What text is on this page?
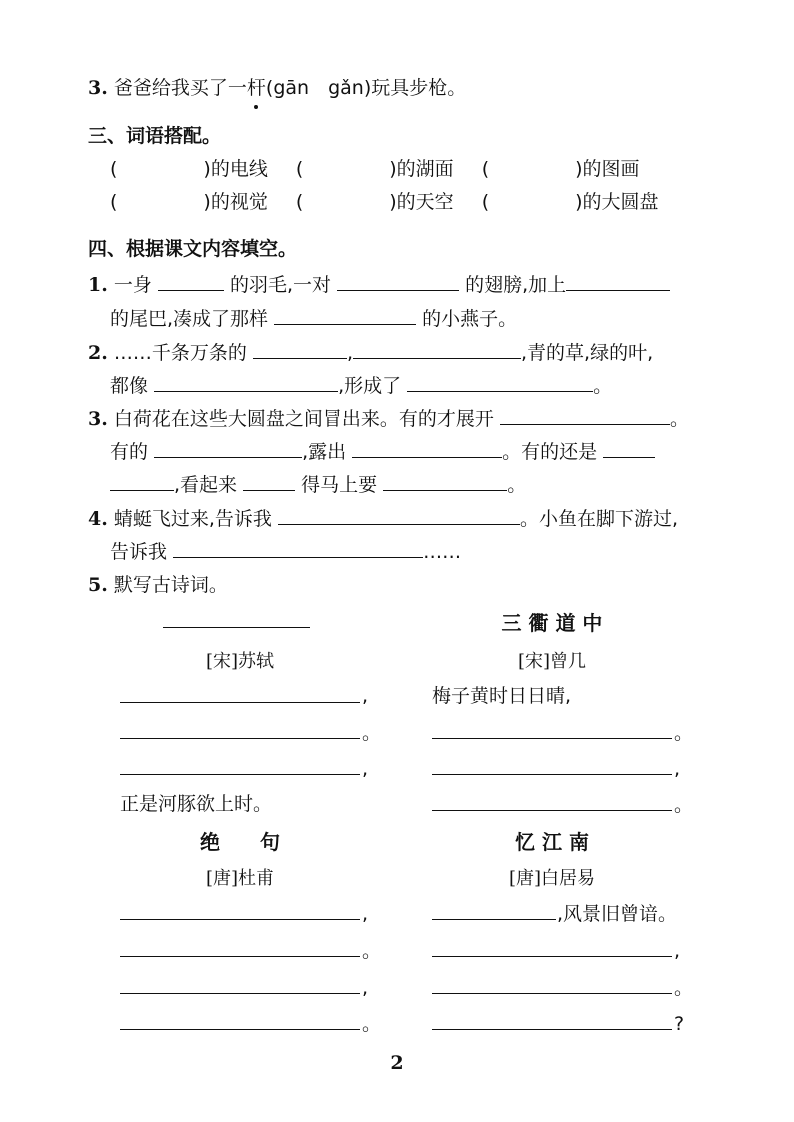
3. 爸爸给我买了一杆(gān　gǎn)玩具步枪。
三、词语搭配。
(	)的电线 (	)的湖面 (	)的图画
(	)的视觉 (	)的天空 (	)的大圆盘
四、根据课文内容填空。
1. 一身	的羽毛,一对	的翅膀,加上
的尾巴,凑成了那样	的小燕子。
2. ……千条万条的	,	,青的草,绿的叶,
都像	,形成了	。
3. 白荷花在这些大圆盘之间冒出来。有的才展开	。
有的	,露出	。有的还是
,看起来	得马上要	。
4. 蜻蜓飞过来,告诉我	。小鱼在脚下游过,
告诉我	……
5. 默写古诗词。
[宋]苏轼
,
。
,
正是河豚欲上时。
三 衢 道 中
[宋]曾几
梅子黄时日日晴,
。
,
。
绝　　句
[唐]杜甫
,
。
,
。
忆 江 南
[唐]白居易
,风景旧曾谙。
,
。
?
2
